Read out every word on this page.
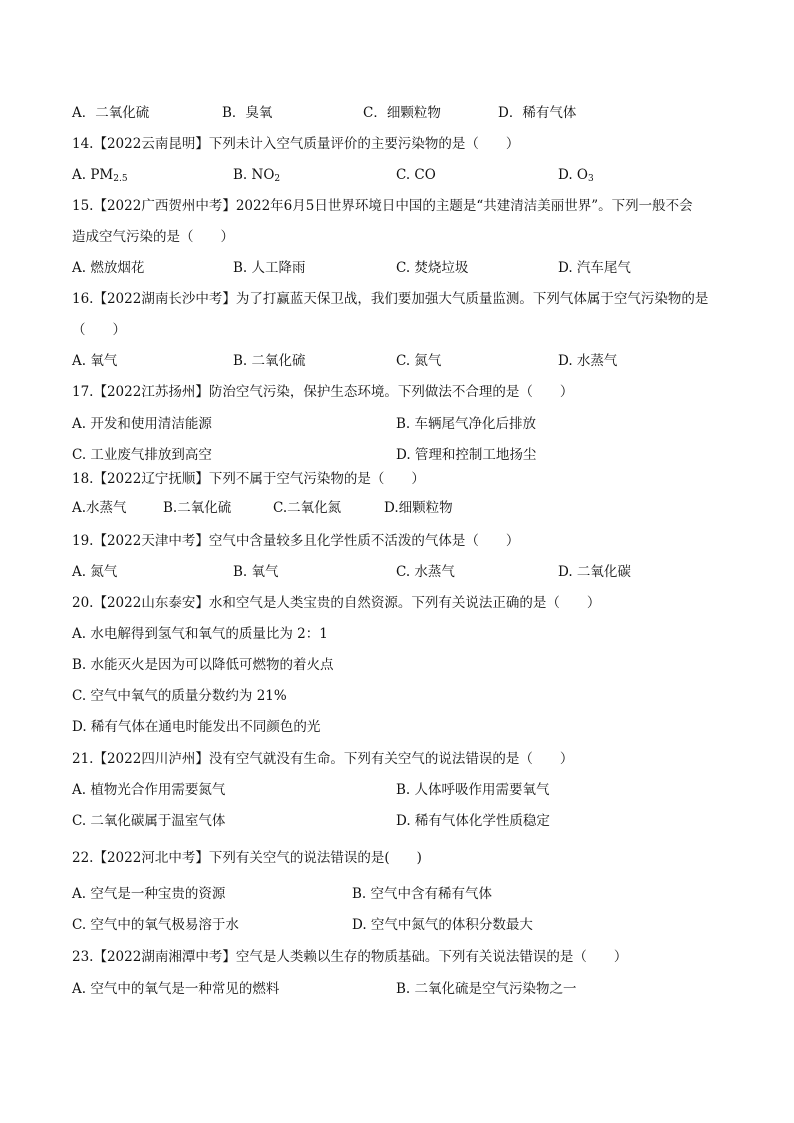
A．二氧化硫	B．臭氧	C．细颗粒物	D．稀有气体
14.【2022云南昆明】下列未计入空气质量评价的主要污染物的是（　　）
A. $PM_{2.5}$	B. $NO_2$	C. CO	D. $O_3$
15.【2022广西贺州中考】2022年6月5日世界环境日中国的主题是“共建清洁美丽世界”。下列一般不会
造成空气污染的是（　　）
A. 燃放烟花	B. 人工降雨	C. 焚烧垃圾	D. 汽车尾气
16.【2022湖南长沙中考】为了打赢蓝天保卫战，我们要加强大气质量监测。下列气体属于空气污染物的是
（　　）
A. 氧气	B. 二氧化硫	C. 氮气	D. 水蒸气
17.【2022江苏扬州】防治空气污染，保护生态环境。下列做法不合理的是（　　）
A. 开发和使用清洁能源	B. 车辆尾气净化后排放
C. 工业废气排放到高空	D. 管理和控制工地扬尘
18.【2022辽宁抚顺】下列不属于空气污染物的是（　　）
A.水蒸气	B.二氧化硫	C.二氧化氮	D.细颗粒物
19.【2022天津中考】空气中含量较多且化学性质不活泼的气体是（　　）
A. 氮气	B. 氧气	C. 水蒸气	D. 二氧化碳
20.【2022山东泰安】水和空气是人类宝贵的自然资源。下列有关说法正确的是（　　）
A. 水电解得到氢气和氧气的质量比为 2：1
B. 水能灭火是因为可以降低可燃物的着火点
C. 空气中氧气的质量分数约为 21%
D. 稀有气体在通电时能发出不同颜色的光
21.【2022四川泸州】没有空气就没有生命。下列有关空气的说法错误的是（　　）
A. 植物光合作用需要氮气	B. 人体呼吸作用需要氧气
C. 二氧化碳属于温室气体	D. 稀有气体化学性质稳定
22.【2022河北中考】下列有关空气的说法错误的是(　　)
A. 空气是一种宝贵的资源	B. 空气中含有稀有气体
C. 空气中的氧气极易溶于水	D. 空气中氮气的体积分数最大
23.【2022湖南湘潭中考】空气是人类赖以生存的物质基础。下列有关说法错误的是（　　）
A. 空气中的氧气是一种常见的燃料	B. 二氧化硫是空气污染物之一
